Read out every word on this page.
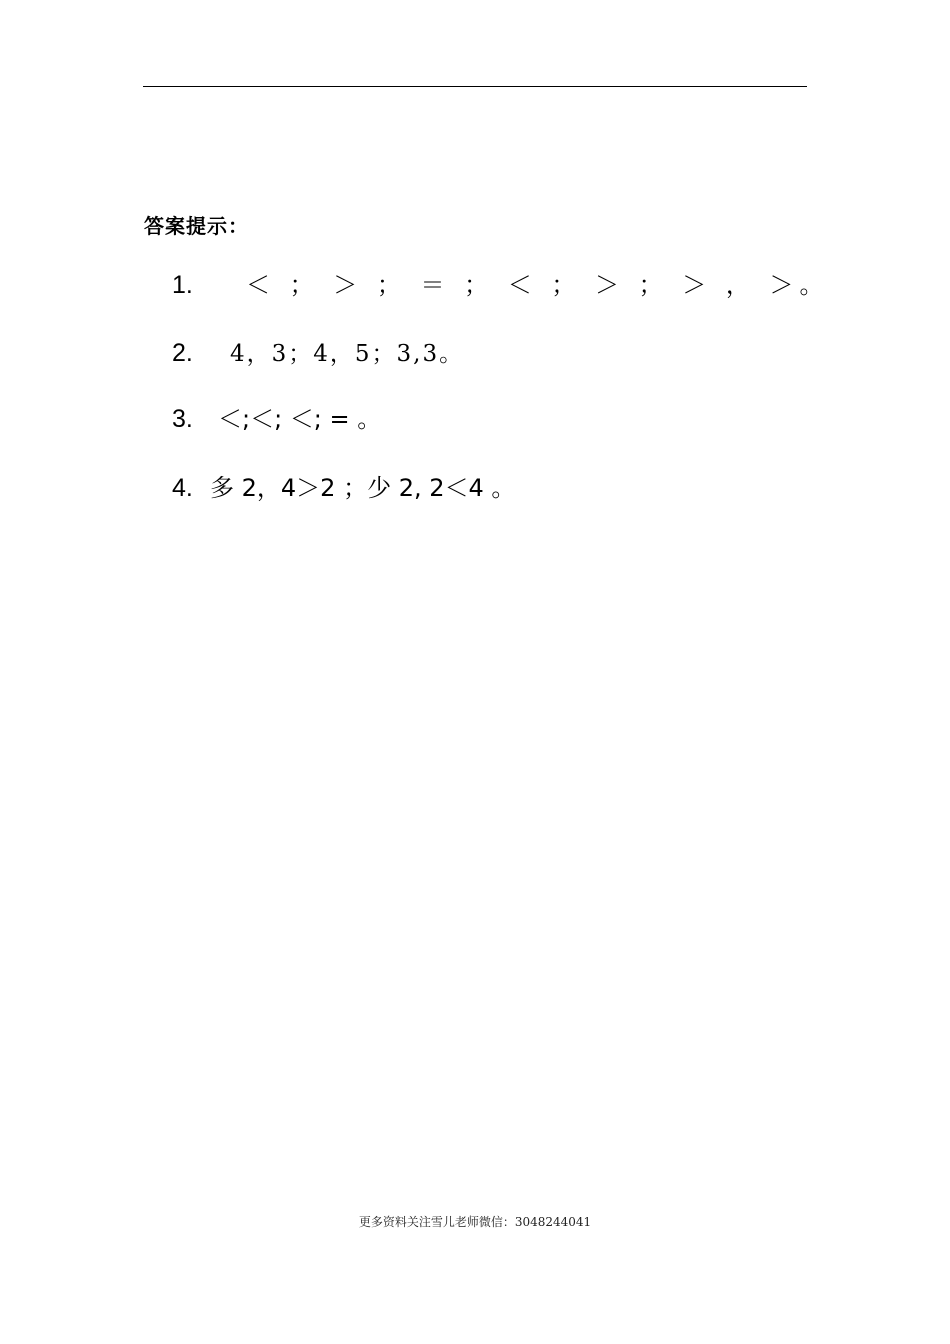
答案提示：
1. ＜ ； ＞ ； ＝ ； ＜ ； ＞ ； ＞ ， ＞。
2. 4，3；4，5；3,3。
3. ＜;＜; ＜; = 。
4. 多 2，4＞2 ；少 2, 2＜4 。
更多资料关注雪儿老师微信：3048244041
